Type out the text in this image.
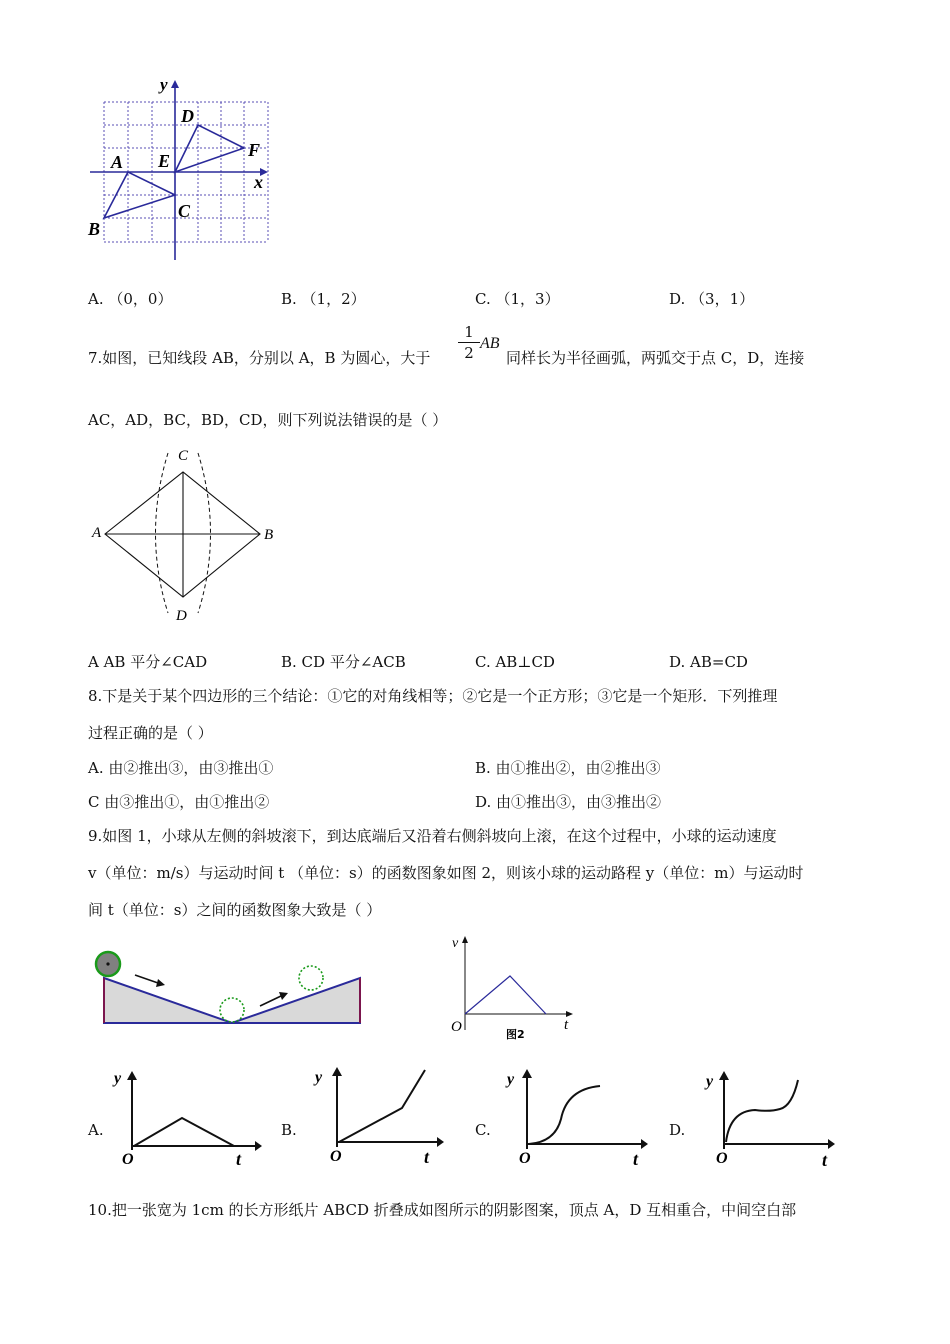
y
x
A
B
C
D
E
F
A. （0，0）	B. （1，2）	C. （1，3）	D. （3，1）
7.如图，已知线段 AB，分别以 A，B 为圆心，大于 $\frac{1}{2}$ AB
同样长为半径画弧，两弧交于点 C，D，连接
AC，AD，BC，BD，CD，则下列说法错误的是（ ）
A	B
C
D
A AB 平分∠CAD	B. CD 平分∠ACB	C. AB⊥CD	D. AB=CD
8.下是关于某个四边形的三个结论：①它的对角线相等；②它是一个正方形；③它是一个矩形．下列推理
过程正确的是（ ）
A. 由②推出③，由③推出①	B. 由①推出②，由②推出③
C 由③推出①，由①推出②	D. 由①推出③，由③推出②
9.如图 1，小球从左侧的斜坡滚下，到达底端后又沿着右侧斜坡向上滚，在这个过程中，小球的运动速度
v（单位：m/s）与运动时间 t （单位：s）的函数图象如图 2，则该小球的运动路程 y（单位：m）与运动时
间 t（单位：s）之间的函数图象大致是（ ）
v
t
O	图2
A.
y
t
O
B.
y
t
O
C.
y
t
O
D.
y
t
O
10.把一张宽为 1cm 的长方形纸片 ABCD 折叠成如图所示的阴影图案，顶点 A，D 互相重合，中间空白部
